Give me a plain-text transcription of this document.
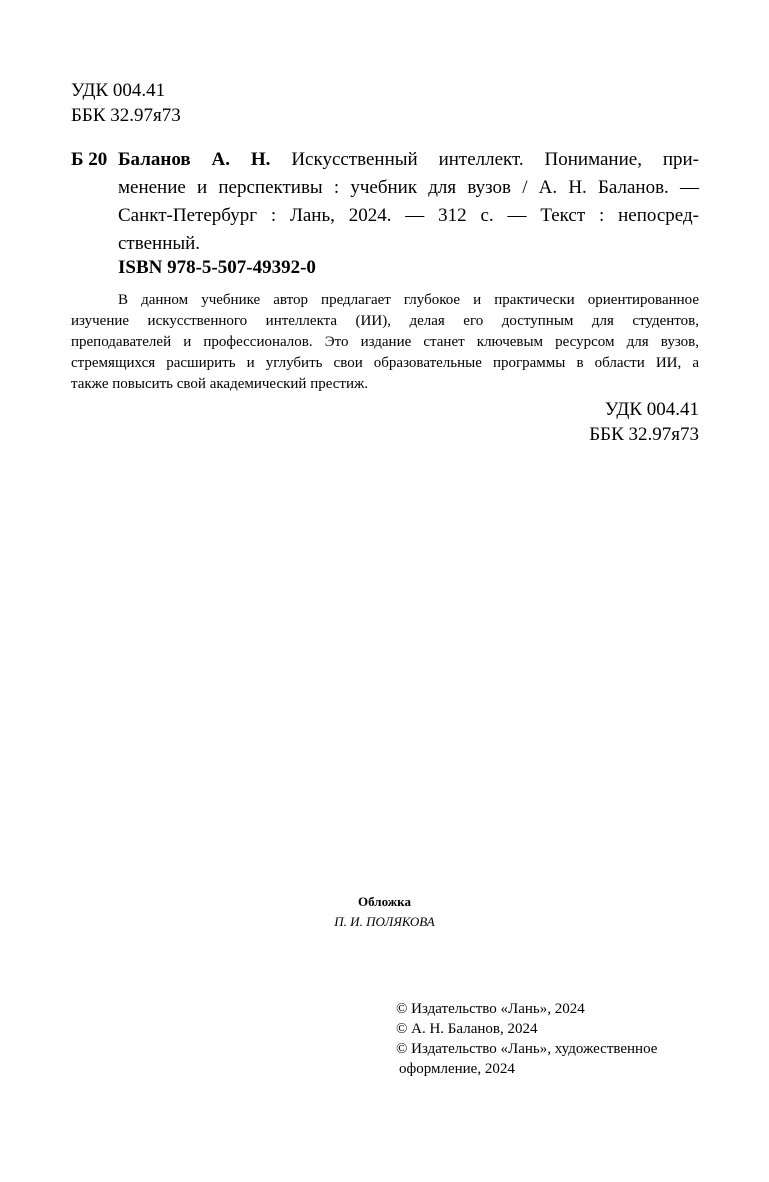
УДК 004.41
ББК 32.97я73
Б 20 Баланов А. Н. Искусственный интеллект. Понимание, при-
менение и перспективы : учебник для вузов / А. Н. Баланов. —
Санкт-Петербург : Лань, 2024. — 312 с. — Текст : непосред-
ственный.
ISBN 978-5-507-49392-0
В данном учебнике автор предлагает глубокое и практически ориентированное
изучение искусственного интеллекта (ИИ), делая его доступным для студентов,
преподавателей и профессионалов. Это издание станет ключевым ресурсом для вузов,
стремящихся расширить и углубить свои образовательные программы в области ИИ, а
также повысить свой академический престиж.
УДК 004.41
ББК 32.97я73
Обложка
П. И. ПОЛЯКОВА
© Издательство «Лань», 2024
© А. Н. Баланов, 2024
© Издательство «Лань», художественное
оформление, 2024
